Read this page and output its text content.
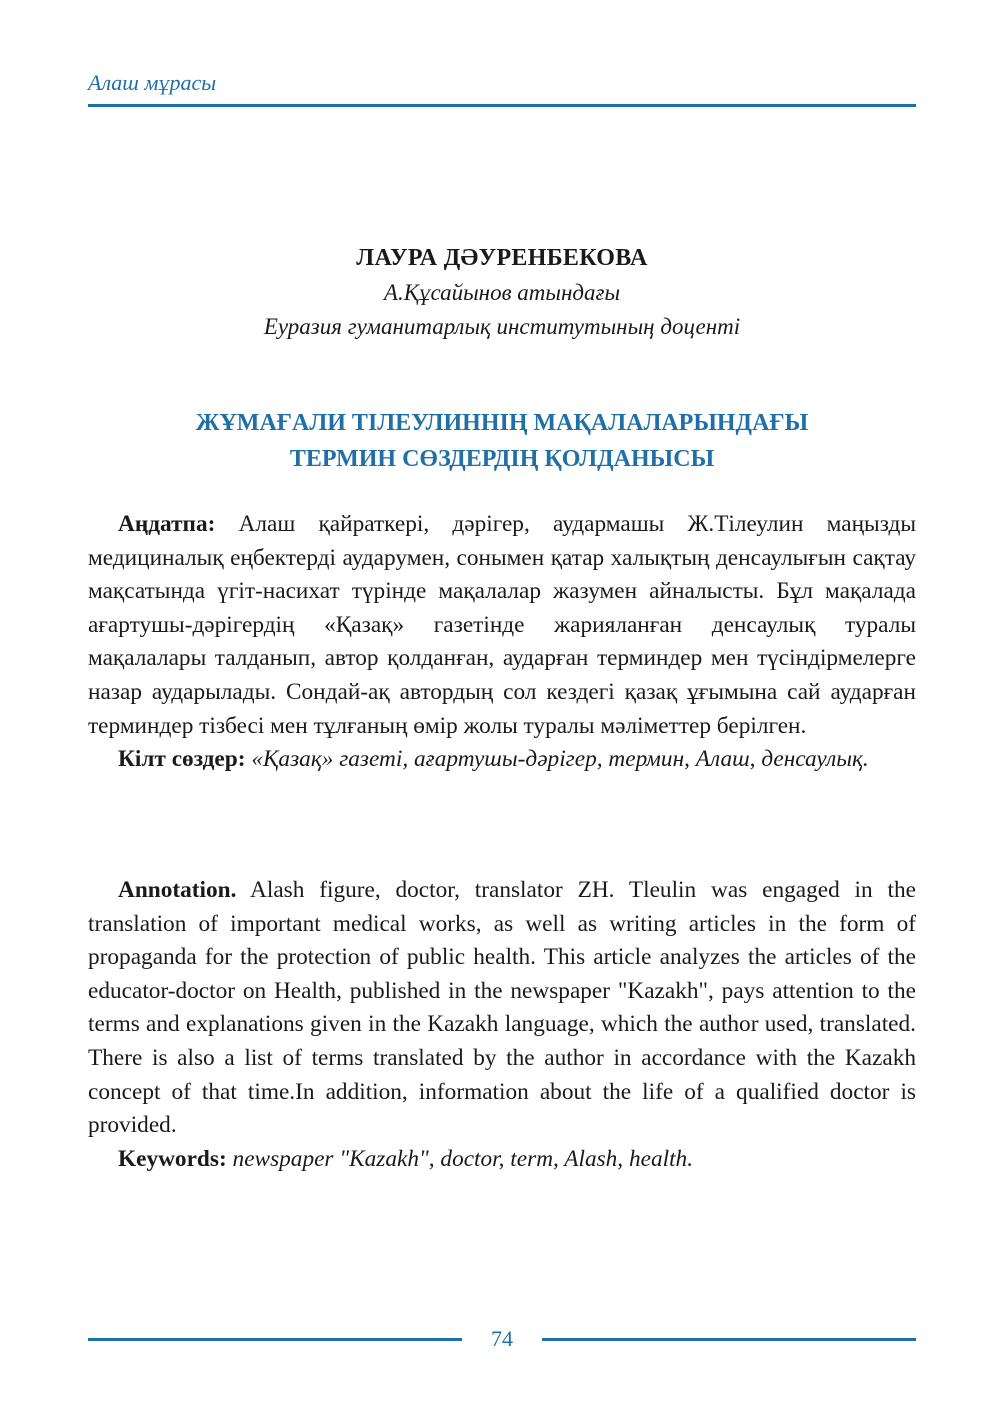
Алаш мұрасы
ЛАУРА ДӘУРЕНБЕКОВА
А.Құсайынов атындағы
Еуразия гуманитарлық институтының доценті
ЖҰМАҒАЛИ ТІЛЕУЛИННІҢ МАҚАЛАЛАРЫНДАҒЫ
ТЕРМИН СӨЗДЕРДІҢ ҚОЛДАНЫСЫ

Аңдатпа: Алаш қайраткері, дәрігер, аудармашы Ж.Тілеулин маңызды медициналық еңбектерді аударумен, сонымен қатар халықтың денсаулығын сақтау мақсатында үгіт-насихат түрінде мақалалар жазумен айналысты. Бұл мақалада ағартушы-дәрігердің «Қазақ» газетінде жарияланған денсаулық туралы мақалалары талданып, автор қолданған, аударған терминдер мен түсіндірмелерге назар аударылады. Сондай-ақ автордың сол кездегі қазақ ұғымына сай аударған терминдер тізбесі мен тұлғаның өмір жолы туралы мәліметтер берілген.

Кілт сөздер: «Қазақ» газеті, ағартушы-дәрігер, термин, Алаш, денсаулық.

Annotation. Alash figure, doctor, translator ZH. Tleulin was engaged in the translation of important medical works, as well as writing articles in the form of propaganda for the protection of public health. This article analyzes the articles of the educator-doctor on Health, published in the newspaper "Kazakh", pays attention to the terms and explanations given in the Kazakh language, which the author used, translated. There is also a list of terms translated by the author in accordance with the Kazakh concept of that time.In addition, information about the life of a qualified doctor is provided.

Keywords: newspaper "Kazakh", doctor, term, Alash, health.

74
